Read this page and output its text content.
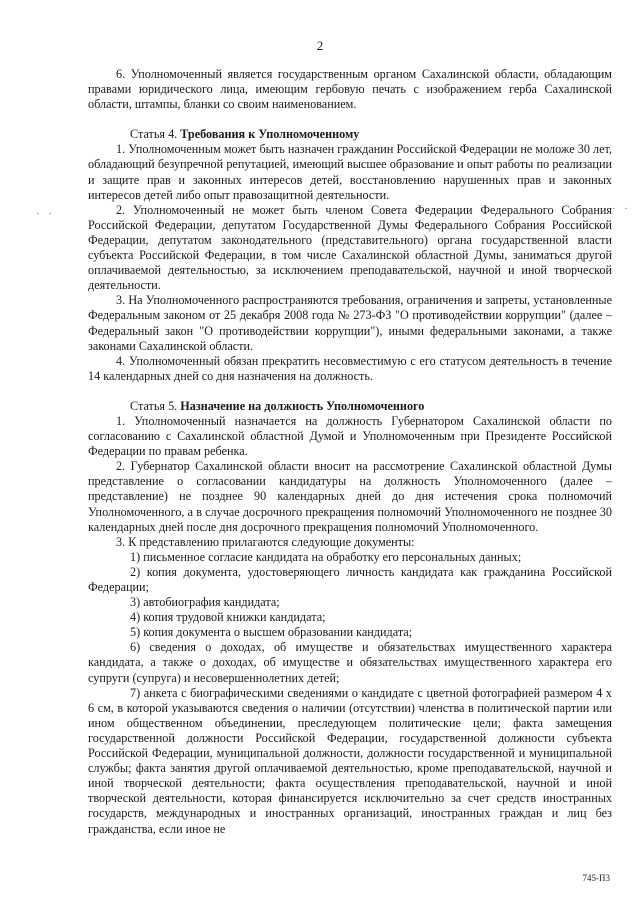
2

6. Уполномоченный является государственным органом Сахалинской области, обладающим правами юридического лица, имеющим гербовую печать с изображением герба Сахалинской области, штампы, бланки со своим наименованием.

Статья 4. Требования к Уполномоченному

1. Уполномоченным может быть назначен гражданин Российской Федерации не моложе 30 лет, обладающий безупречной репутацией, имеющий высшее образование и опыт работы по реализации и защите прав и законных интересов детей, восстановлению нарушенных прав и законных интересов детей либо опыт правозащитной деятельности.

2. Уполномоченный не может быть членом Совета Федерации Федерального Собрания Российской Федерации, депутатом Государственной Думы Федерального Собрания Российской Федерации, депутатом законодательного (представительного) органа государственной власти субъекта Российской Федерации, в том числе Сахалинской областной Думы, заниматься другой оплачиваемой деятельностью, за исключением преподавательской, научной и иной творческой деятельности.

3. На Уполномоченного распространяются требования, ограничения и запреты, установленные Федеральным законом от 25 декабря 2008 года № 273-ФЗ "О противодействии коррупции" (далее – Федеральный закон "О противодействии коррупции"), иными федеральными законами, а также законами Сахалинской области.

4. Уполномоченный обязан прекратить несовместимую с его статусом деятельность в течение 14 календарных дней со дня назначения на должность.

Статья 5. Назначение на должность Уполномоченного

1. Уполномоченный назначается на должность Губернатором Сахалинской области по согласованию с Сахалинской областной Думой и Уполномоченным при Президенте Российской Федерации по правам ребенка.

2. Губернатор Сахалинской области вносит на рассмотрение Сахалинской областной Думы представление о согласовании кандидатуры на должность Уполномоченного (далее – представление) не позднее 90 календарных дней до дня истечения срока полномочий Уполномоченного, а в случае досрочного прекращения полномочий Уполномоченного не позднее 30 календарных дней после дня досрочного прекращения полномочий Уполномоченного.

3. К представлению прилагаются следующие документы:

1) письменное согласие кандидата на обработку его персональных данных;

2) копия документа, удостоверяющего личность кандидата как гражданина Российской Федерации;

3) автобиография кандидата;

4) копия трудовой книжки кандидата;

5) копия документа о высшем образовании кандидата;

6) сведения о доходах, об имуществе и обязательствах имущественного характера кандидата, а также о доходах, об имуществе и обязательствах имущественного характера его супруги (супруга) и несовершеннолетних детей;

7) анкета с биографическими сведениями о кандидате с цветной фотографией размером 4 х 6 см, в которой указываются сведения о наличии (отсутствии) членства в политической партии или ином общественном объединении, преследующем политические цели; факта замещения государственной должности Российской Федерации, государственной должности субъекта Российской Федерации, муниципальной должности, должности государственной и муниципальной службы; факта занятия другой оплачиваемой деятельностью, кроме преподавательской, научной и иной творческой деятельности; факта осуществления преподавательской, научной и иной творческой деятельности, которая финансируется исключительно за счет средств иностранных государств, международных и иностранных организаций, иностранных граждан и лиц без гражданства, если иное не

· ·	· ·
745-П3
